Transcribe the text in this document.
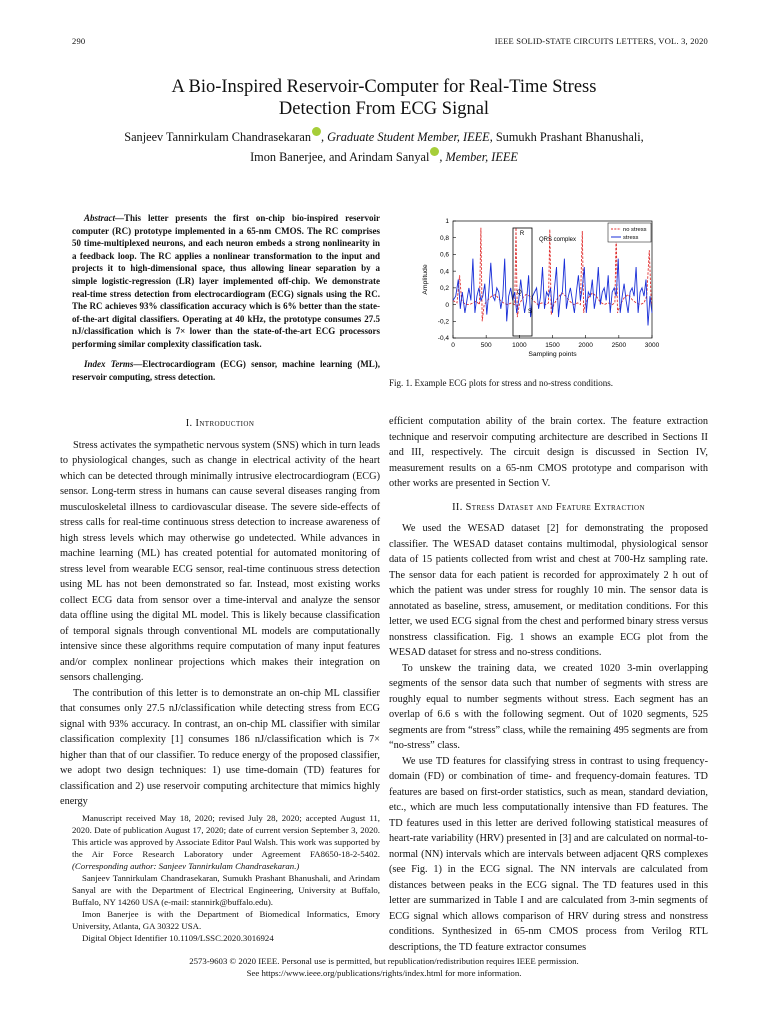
290	IEEE SOLID-STATE CIRCUITS LETTERS, VOL. 3, 2020
A Bio-Inspired Reservoir-Computer for Real-Time Stress
Detection From ECG Signal
Sanjeev Tannirkulam Chandrasekaran , Graduate Student Member, IEEE, Sumukh Prashant Bhanushali,
Imon Banerjee, and Arindam Sanyal , Member, IEEE
Abstract—This letter presents the first on-chip bio-inspired reservoir computer (RC) prototype implemented in a 65-nm CMOS. The RC comprises 50 time-multiplexed neurons, and each neuron embeds a strong nonlinearity in a feedback loop. The RC applies a nonlinear transformation to the input and projects it to high-dimensional space, thus allowing linear separation by a simple logistic-regression (LR) layer implemented off-chip. We demonstrate real-time stress detection from electrocardiogram (ECG) signals using the RC. The RC achieves 93% classification accuracy which is 6% better than the state-of-the-art digital classifiers. Operating at 40 kHz, the prototype consumes 27.5 nJ/classification which is 7× lower than the state-of-the-art ECG processors performing similar complexity classification task.
Index Terms—Electrocardiogram (ECG) sensor, machine learning (ML), reservoir computing, stress detection.
0	500	1000	1500	2000	2500	3000
1
0,8
0,6
0,4
0,2
0
-0,2
-0,4
Sampling points
Amplitude
R
Q
S
QRS complex
no stress
stress
Fig. 1. Example ECG plots for stress and no-stress conditions.
I. Introduction

Stress activates the sympathetic nervous system (SNS) which in turn leads to physiological changes, such as change in electrical activity of the heart which can be detected through minimally intrusive electrocardiogram (ECG) sensor. Long-term stress in humans can cause several diseases ranging from musculoskeletal illness to cardiovascular disease. The severe side-effects of stress calls for real-time continuous stress detection to increase awareness of high stress levels which may otherwise go undetected. While advances in machine learning (ML) has created potential for automated monitoring of stress level from wearable ECG sensor, real-time continuous stress detection using ML has not been demonstrated so far. Instead, most existing works collect ECG data from sensor over a time-interval and analyze the sensor data offline using the digital ML model. This is likely because classification of temporal signals through conventional ML models are computationally intensive since these algorithms require computation of many input features and/or complex nonlinear projections which makes their integration on sensors challenging.

The contribution of this letter is to demonstrate an on-chip ML classifier that consumes only 27.5 nJ/classification while detecting stress from ECG signal with 93% accuracy. In contrast, an on-chip ML classifier with similar classification complexity [1] consumes 186 nJ/classification which is 7× higher than that of our classifier. To reduce energy of the proposed classifier, we adopt two design techniques: 1) use time-domain (TD) features for classification and 2) use reservoir computing architecture that mimics highly energy

Manuscript received May 18, 2020; revised July 28, 2020; accepted August 11, 2020. Date of publication August 17, 2020; date of current version September 3, 2020. This article was approved by Associate Editor Paul Walsh. This work was supported by the Air Force Research Laboratory under Agreement FA8650-18-2-5402. (Corresponding author: Sanjeev Tannirkulam Chandrasekaran.)

Sanjeev Tannirkulam Chandrasekaran, Sumukh Prashant Bhanushali, and Arindam Sanyal are with the Department of Electrical Engineering, University at Buffalo, Buffalo, NY 14260 USA (e-mail: stannirk@buffalo.edu).

Imon Banerjee is with the Department of Biomedical Informatics, Emory University, Atlanta, GA 30322 USA.

Digital Object Identifier 10.1109/LSSC.2020.3016924

efficient computation ability of the brain cortex. The feature extraction technique and reservoir computing architecture are described in Sections II and III, respectively. The circuit design is discussed in Section IV, measurement results on a 65-nm CMOS prototype and comparison with other works are presented in Section V.

II. Stress Dataset and Feature Extraction

We used the WESAD dataset [2] for demonstrating the proposed classifier. The WESAD dataset contains multimodal, physiological sensor data of 15 patients collected from wrist and chest at 700-Hz sampling rate. The sensor data for each patient is recorded for approximately 2 h out of which the patient was under stress for roughly 10 min. The sensor data is annotated as baseline, stress, amusement, or meditation conditions. For this letter, we used ECG signal from the chest and performed binary stress versus nonstress classification. Fig. 1 shows an example ECG plot from the WESAD dataset for stress and no-stress conditions.

To unskew the training data, we created 1020 3-min overlapping segments of the sensor data such that number of segments with stress are roughly equal to number segments without stress. Each segment has an overlap of 6.6 s with the following segment. Out of 1020 segments, 525 segments are from “stress” class, while the remaining 495 segments are from “no-stress” class.

We use TD features for classifying stress in contrast to using frequency-domain (FD) or combination of time- and frequency-domain features. TD features are based on first-order statistics, such as mean, standard deviation, etc., which are much less computationally intensive than FD features. The TD features used in this letter are derived following statistical measures of heart-rate variability (HRV) presented in [3] and are calculated on normal-to-normal (NN) intervals which are intervals between adjacent QRS complexes (see Fig. 1) in the ECG signal. The NN intervals are calculated from distances between peaks in the ECG signal. The TD features used in this letter are summarized in Table I and are calculated from 3-min segments of ECG signal which allows comparison of HRV during stress and nonstress conditions. Synthesized in 65-nm CMOS process from Verilog RTL descriptions, the TD feature extractor consumes

2573-9603 © 2020 IEEE. Personal use is permitted, but republication/redistribution requires IEEE permission.
See https://www.ieee.org/publications/rights/index.html for more information.
